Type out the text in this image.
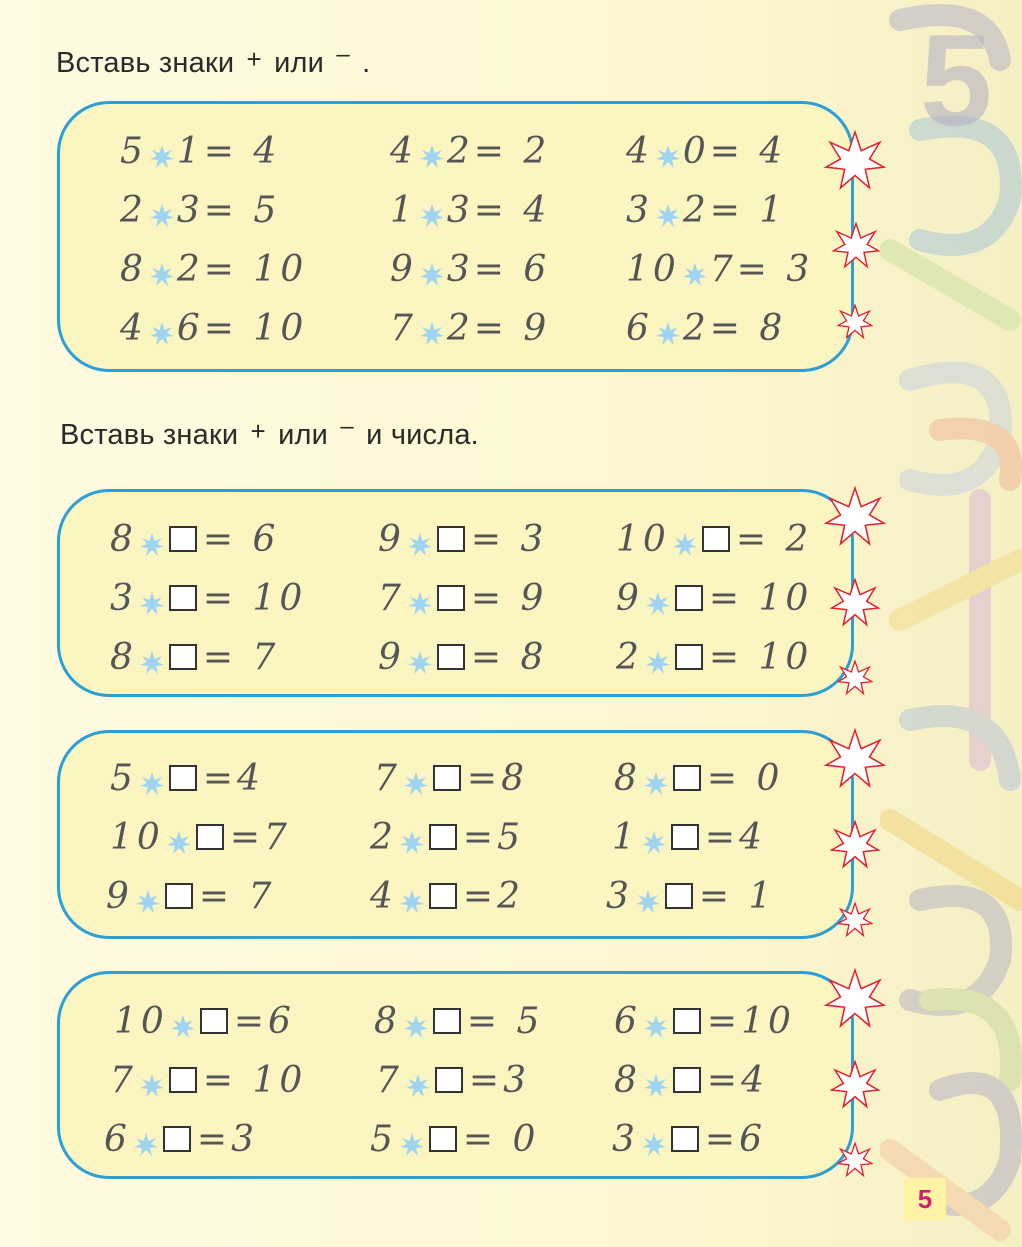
5
Вставь знаки + или – .
Вставь знаки + или – и числа.
5 1= 4	4 2= 2 4 0= 4
2 3= 5	1 3= 4 3 2= 1
8 2= 10 9 3= 6 10 7= 3
4 6= 10 7 2= 9 6 2= 8
8 = 6	9 = 3 10 = 2
3 = 10 7 = 9 9 = 10
8 = 7	9 = 8 2 = 10
5 =4	7 =8 8 = 0
10 =7 2 =5 1 =4
9 = 7	4 =2 3 = 1
10 =6 8 = 5 6 =10
7 = 10 7 =3 8 =4
6 =3	5 = 0 3 =6
5
